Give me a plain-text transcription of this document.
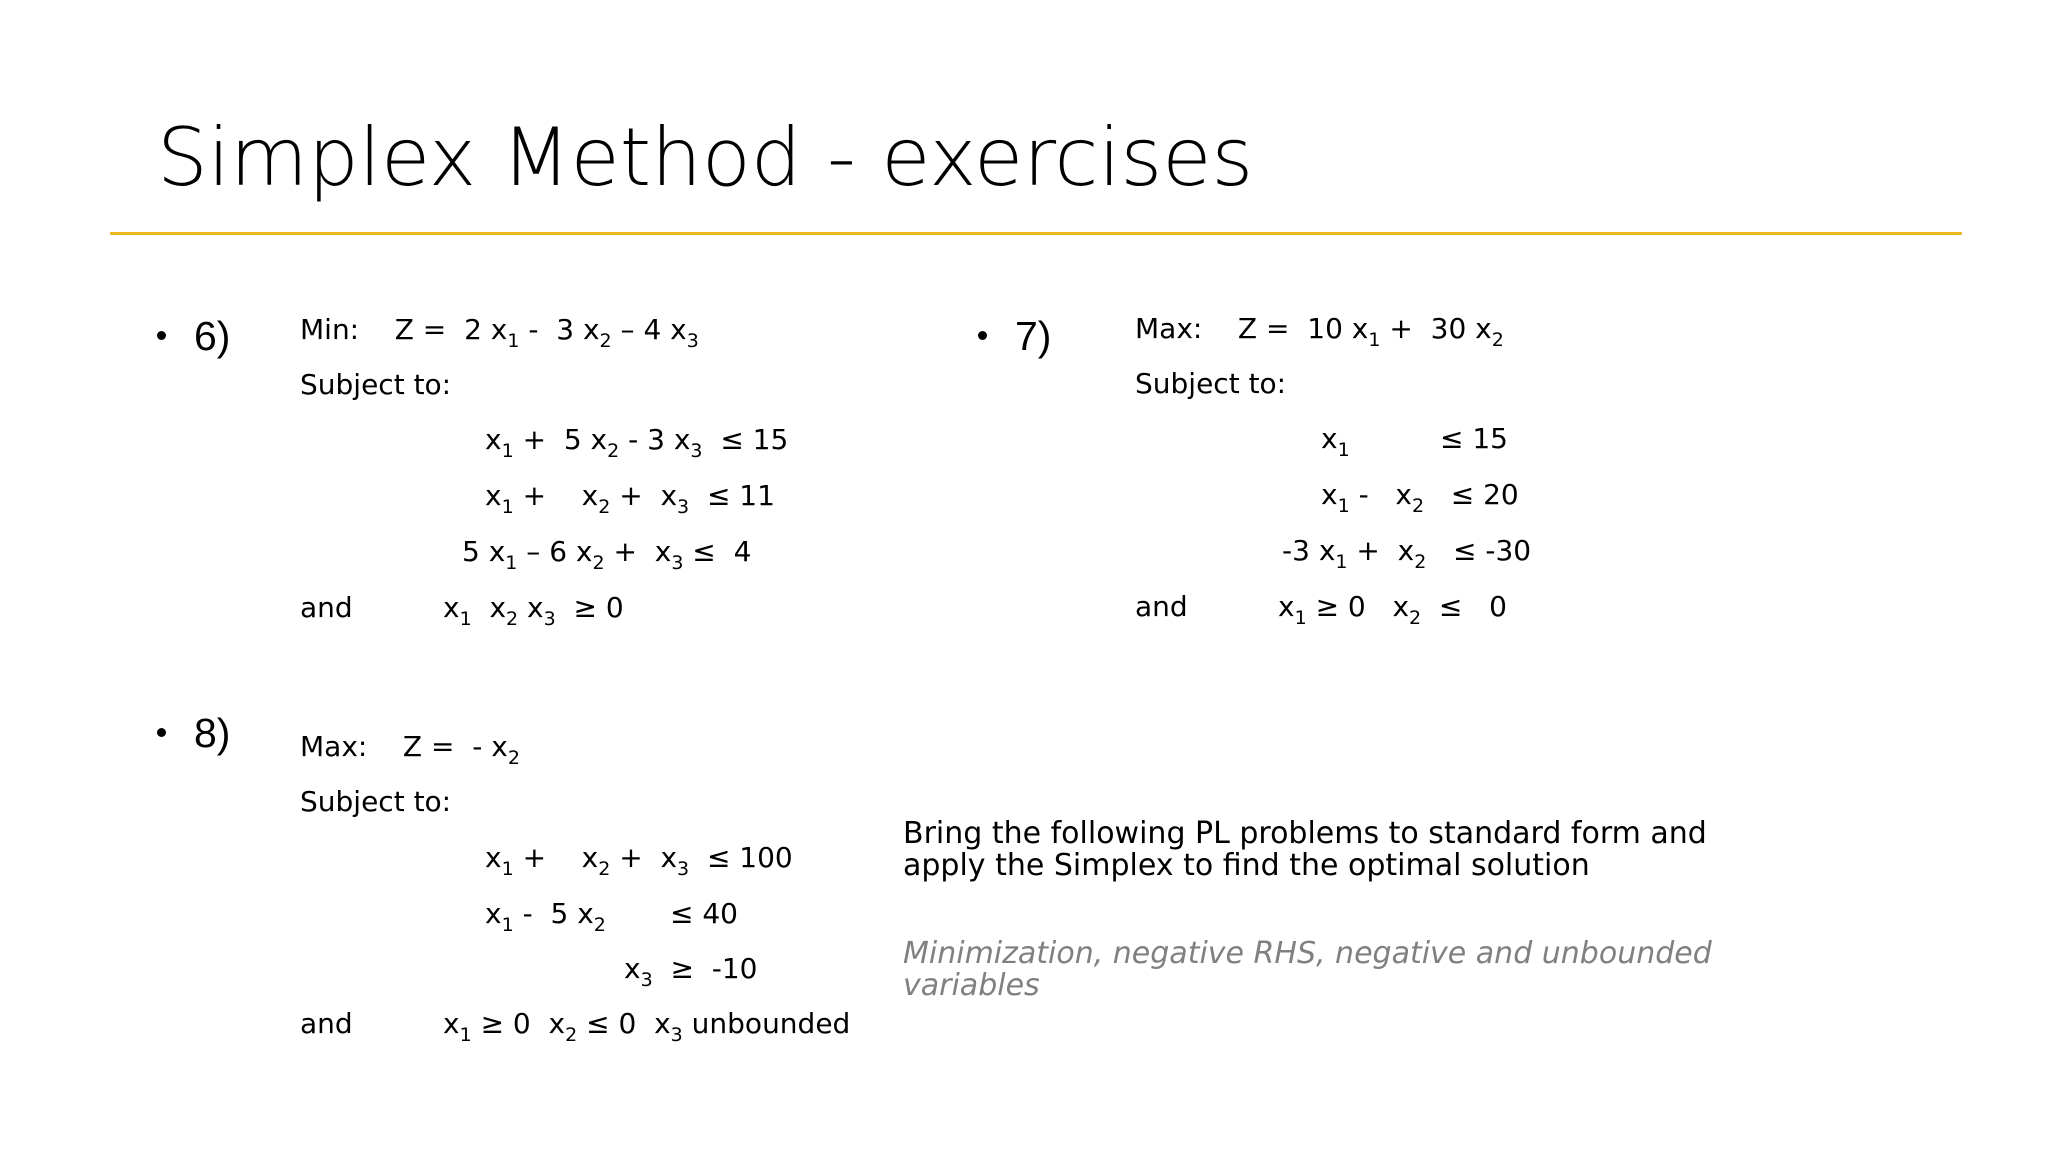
Simplex Method - exercises
6) Min:    Z =  2 $x_1 - 3$ $x_2 - 4$ $x_3$
Subject to:
$x_1 + 5$ $x_2 - 3$ $x_3 \le 15$
$x_1$ +    $x_2 + x_3 \le 11$
5 $x_1 - 6$ $x_2 + x_3 \le 4$
and	$x_1$  $x_2$ $x_3 \ge 0$
7)	Max:    Z =  10 $x_1 + 30$ $x_2$
Subject to:
$x_1$	≤ 15
$x_1 - x_2 \le 20$
-3 $x_1 + x_2 \le -30$
and	$x_1 \ge 0$   $x_2 \le 0$
8) Max:    Z =  - $x_2$
Subject to:
$x_1$ +    $x_2 + x_3 \le 100$
$x_1 - 5$ $x_2 \le 40$
$x_3 \ge -10$
and	$x_1 \ge 0$  $x_2 \le 0$  $x_3$ unbounded
Bring the following PL problems to standard form and apply the Simplex to find the optimal solution
Minimization, negative RHS, negative and unbounded variables
